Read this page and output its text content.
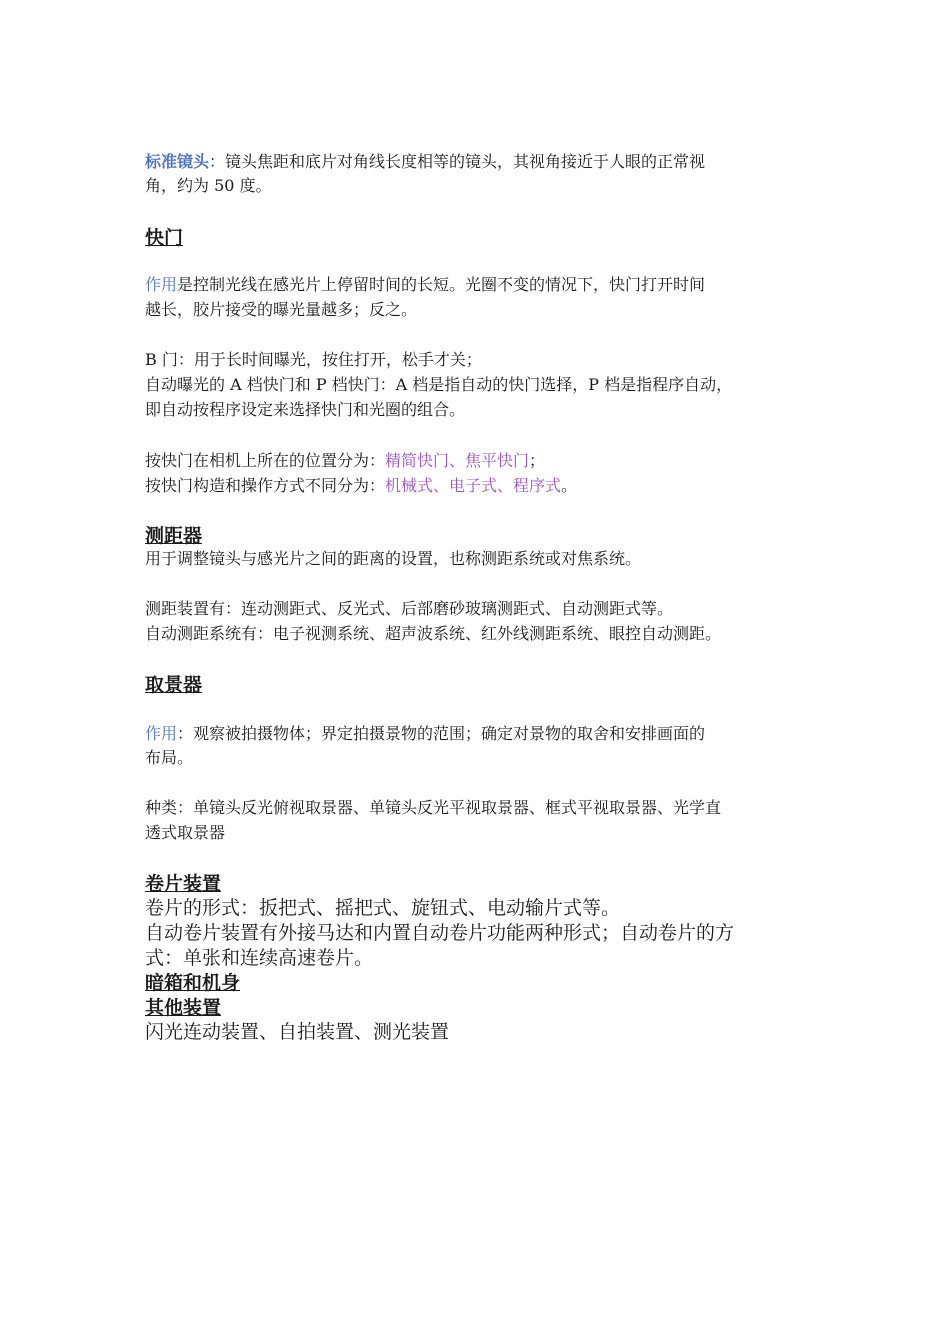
标准镜头：镜头焦距和底片对角线长度相等的镜头，其视角接近于人眼的正常视

角，约为 50 度。

快门

作用是控制光线在感光片上停留时间的长短。光圈不变的情况下，快门打开时间

越长，胶片接受的曝光量越多；反之。

B 门：用于长时间曝光，按住打开，松手才关；

自动曝光的 A 档快门和 P 档快门：A 档是指自动的快门选择，P 档是指程序自动，

即自动按程序设定来选择快门和光圈的组合。

按快门在相机上所在的位置分为：精简快门、焦平快门；

按快门构造和操作方式不同分为：机械式、电子式、程序式。

测距器

用于调整镜头与感光片之间的距离的设置，也称测距系统或对焦系统。

测距装置有：连动测距式、反光式、后部磨砂玻璃测距式、自动测距式等。

自动测距系统有：电子视测系统、超声波系统、红外线测距系统、眼控自动测距。

取景器

作用：观察被拍摄物体；界定拍摄景物的范围；确定对景物的取舍和安排画面的

布局。

种类：单镜头反光俯视取景器、单镜头反光平视取景器、框式平视取景器、光学直

透式取景器

卷片装置

卷片的形式：扳把式、摇把式、旋钮式、电动输片式等。

自动卷片装置有外接马达和内置自动卷片功能两种形式；自动卷片的方

式：单张和连续高速卷片。

暗箱和机身
其他装置

闪光连动装置、自拍装置、测光装置
